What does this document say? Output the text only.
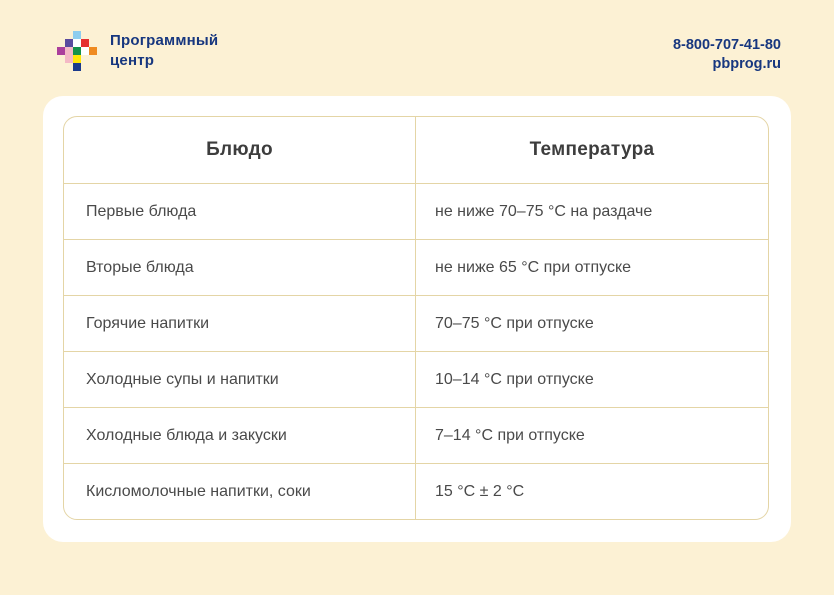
Программный
центр
8-800-707-41-80
pbprog.ru
Блюдо	Температура
Первые блюда	не ниже 70–75 °C на раздаче
Вторые блюда	не ниже 65 °C при отпуске
Горячие напитки	70–75 °C при отпуске
Холодные супы и напитки	10–14 °C при отпуске
Холодные блюда и закуски	7–14 °C при отпуске
Кисломолочные напитки, соки	15 °C ± 2 °C
